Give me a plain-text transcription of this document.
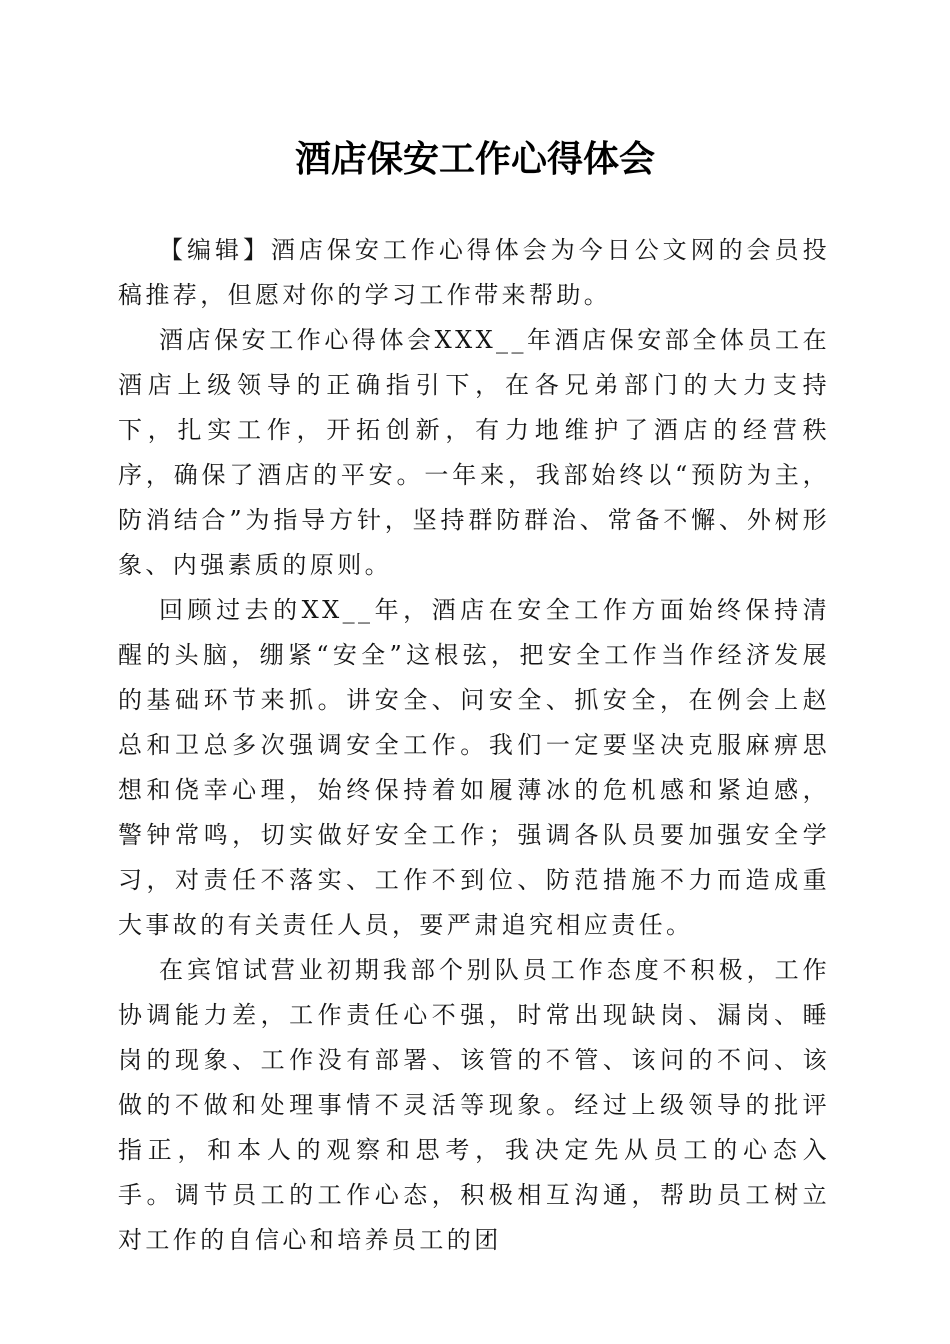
酒店保安工作心得体会

【编辑】酒店保安工作心得体会为今日公文网的会员投稿推荐，但愿对你的学习工作带来帮助。

酒店保安工作心得体会XXX__年酒店保安部全体员工在酒店上级领导的正确指引下，在各兄弟部门的大力支持下，扎实工作，开拓创新，有力地维护了酒店的经营秩序，确保了酒店的平安。一年来，我部始终以“预防为主，防消结合”为指导方针，坚持群防群治、常备不懈、外树形象、内强素质的原则。

回顾过去的XX__年，酒店在安全工作方面始终保持清醒的头脑，绷紧“安全”这根弦，把安全工作当作经济发展的基础环节来抓。讲安全、问安全、抓安全，在例会上赵总和卫总多次强调安全工作。我们一定要坚决克服麻痹思想和侥幸心理，始终保持着如履薄冰的危机感和紧迫感，警钟常鸣，切实做好安全工作；强调各队员要加强安全学习，对责任不落实、工作不到位、防范措施不力而造成重大事故的有关责任人员，要严肃追究相应责任。

在宾馆试营业初期我部个别队员工作态度不积极，工作协调能力差，工作责任心不强，时常出现缺岗、漏岗、睡岗的现象、工作没有部署、该管的不管、该问的不问、该做的不做和处理事情不灵活等现象。经过上级领导的批评指正，和本人的观察和思考，我决定先从员工的心态入手。调节员工的工作心态，积极相互沟通，帮助员工树立对工作的自信心和培养员工的团
